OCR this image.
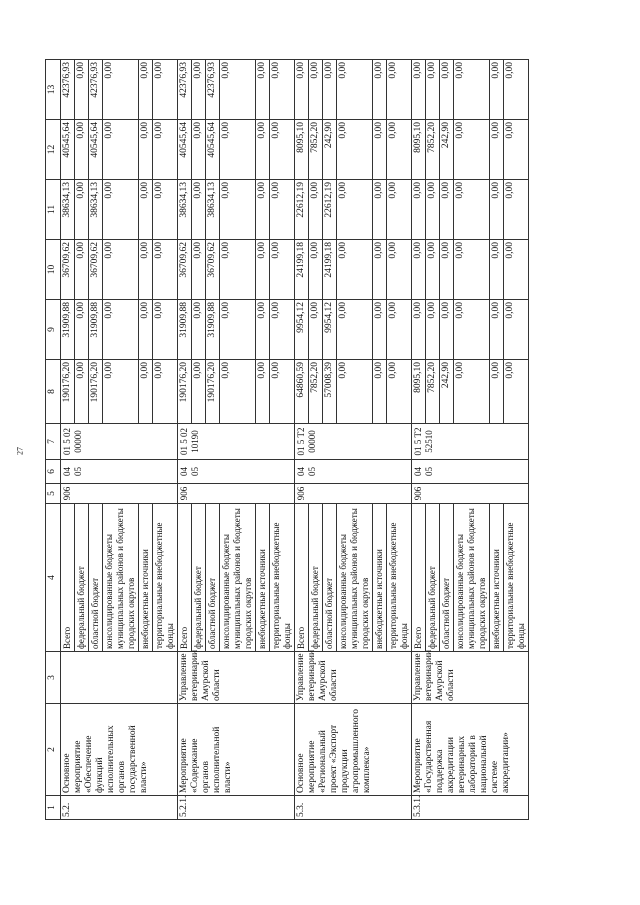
27
1	2	3	4	5	6	7	8	9	10	11	12	13
5.2.	Основное мероприятие «Обеспечение функций исполнительных органов государственной власти»		Всего	906	04 05	01 5 02 00000	190176,20	31909,88	36709,62	38634,13	40545,64	42376,93
			федеральный бюджет				0,00	0,00	0,00	0,00	0,00	0,00
			областной бюджет				190176,20	31909,88	36709,62	38634,13	40545,64	42376,93
			консолидированные бюджеты муниципальных районов и бюджеты городских округов				0,00	0,00	0,00	0,00	0,00	0,00
			внебюджетные источники				0,00	0,00	0,00	0,00	0,00	0,00
			территориальные внебюджетные фонды				0,00	0,00	0,00	0,00	0,00	0,00
5.2.1.	Мероприятие «Содержание органов исполнительной власти»	Управление ветеринарии Амурской области	Всего	906	04 05	01 5 02 10190	190176,20	31909,88	36709,62	38634,13	40545,64	42376,93
			федеральный бюджет				0,00	0,00	0,00	0,00	0,00	0,00
			областной бюджет				190176,20	31909,88	36709,62	38634,13	40545,64	42376,93
			консолидированные бюджеты муниципальных районов и бюджеты городских округов				0,00	0,00	0,00	0,00	0,00	0,00
			внебюджетные источники				0,00	0,00	0,00	0,00	0,00	0,00
			территориальные внебюджетные фонды				0,00	0,00	0,00	0,00	0,00	0,00
5.3.	Основное мероприятие «Региональный проект «Экспорт продукции агропромышленного комплекса»	Управление ветеринарии Амурской области	Всего	906	04 05	01 5 Т2 00000	64860,59	9954,12	24199,18	22612,19	8095,10	0,00
			федеральный бюджет				7852,20	0,00	0,00	0,00	7852,20	0,00
			областной бюджет				57008,39	9954,12	24199,18	22612,19	242,90	0,00
			консолидированные бюджеты муниципальных районов и бюджеты городских округов				0,00	0,00	0,00	0,00	0,00	0,00
			внебюджетные источники				0,00	0,00	0,00	0,00	0,00	0,00
			территориальные внебюджетные фонды				0,00	0,00	0,00	0,00	0,00	0,00
5.3.1.	Мероприятие «Государственная поддержка аккредитации ветеринарных лабораторий в национальной системе аккредитации»	Управление ветеринарии Амурской области	Всего	906	04 05	01 5 Т2 52510	8095,10	0,00	0,00	0,00	8095,10	0,00
			федеральный бюджет				7852,20	0,00	0,00	0,00	7852,20	0,00
			областной бюджет				242,90	0,00	0,00	0,00	242,90	0,00
			консолидированные бюджеты муниципальных районов и бюджеты городских округов				0,00	0,00	0,00	0,00	0,00	0,00
			внебюджетные источники				0,00	0,00	0,00	0,00	0,00	0,00
			территориальные внебюджетные фонды				0,00	0,00	0,00	0,00	0,00	0,00
